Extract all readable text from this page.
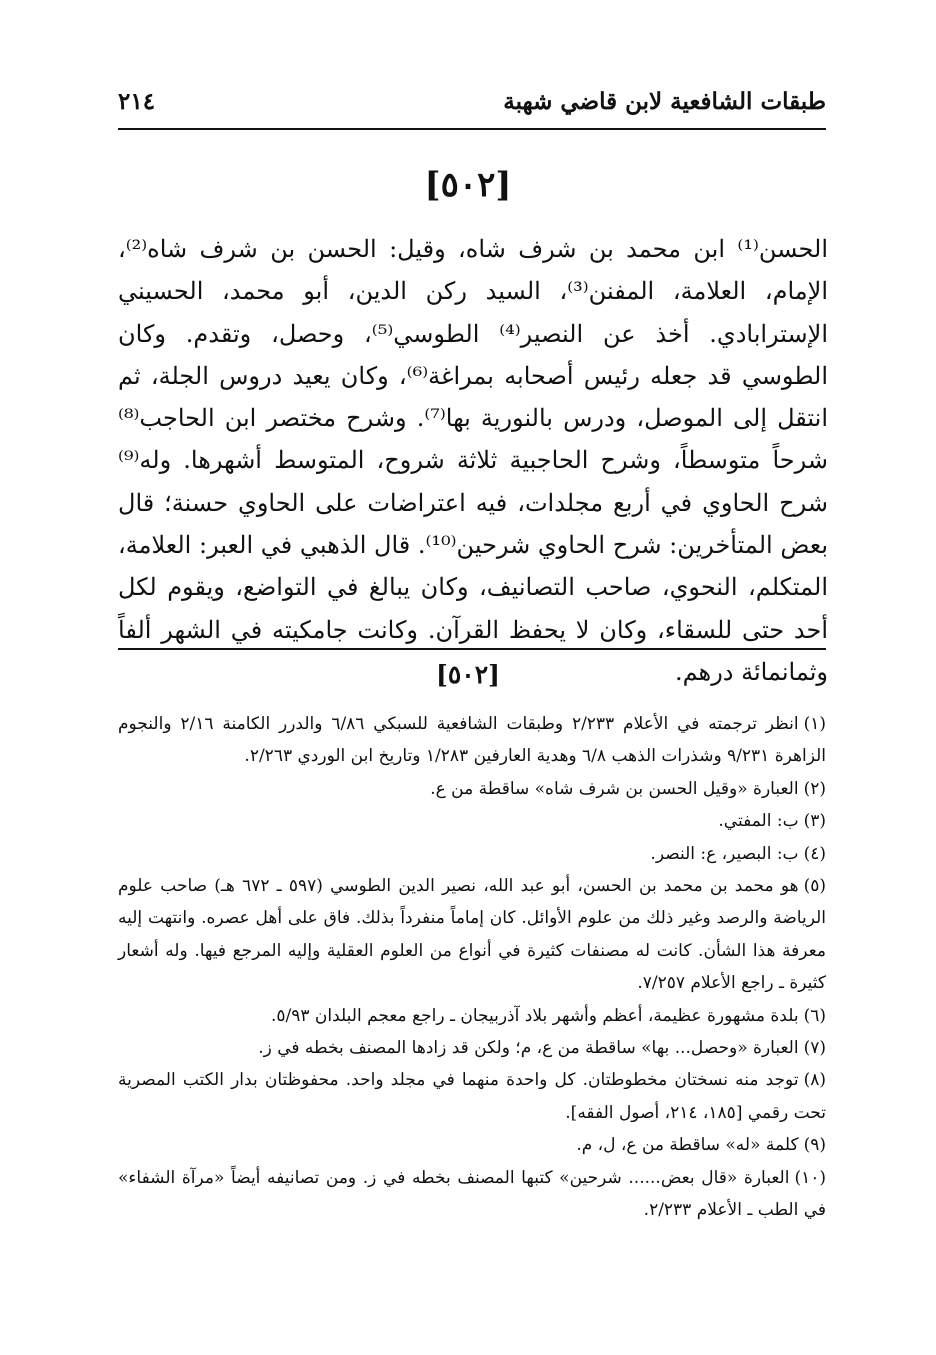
طبقات الشافعية لابن قاضي شهبة
٢١٤
[٥٠٢]

الحسن⁽¹⁾ ابن محمد بن شرف شاه، وقيل: الحسن بن شرف شاه⁽²⁾، الإمام، العلامة، المفنن⁽³⁾، السيد ركن الدين، أبو محمد، الحسيني الإسترابادي. أخذ عن النصير⁽⁴⁾ الطوسي⁽⁵⁾، وحصل، وتقدم. وكان الطوسي قد جعله رئيس أصحابه بمراغة⁽⁶⁾، وكان يعيد دروس الجلة، ثم انتقل إلى الموصل، ودرس بالنورية بها⁽⁷⁾. وشرح مختصر ابن الحاجب⁽⁸⁾ شرحاً متوسطاً، وشرح الحاجبية ثلاثة شروح، المتوسط أشهرها. وله⁽⁹⁾ شرح الحاوي في أربع مجلدات، فيه اعتراضات على الحاوي حسنة؛ قال بعض المتأخرين: شرح الحاوي شرحين⁽¹⁰⁾. قال الذهبي في العبر: العلامة، المتكلم، النحوي، صاحب التصانيف، وكان يبالغ في التواضع، ويقوم لكل أحد حتى للسقاء، وكان لا يحفظ القرآن. وكانت جامكيته في الشهر ألفاً وثمانمائة درهم.

[٥٠٢]

(١)انظر ترجمته في الأعلام ٢/٢٣٣ وطبقات الشافعية للسبكي ٦/٨٦ والدرر الكامنة ٢/١٦ والنجوم الزاهرة ٩/٢٣١ وشذرات الذهب ٦/٨ وهدية العارفين ١/٢٨٣ وتاريخ ابن الوردي ٢/٢٦٣.

(٢)العبارة «وقيل الحسن بن شرف شاه» ساقطة من ع.

(٣)ب: المفتي.

(٤)ب: البصير، ع: النصر.

(٥)هو محمد بن محمد بن الحسن، أبو عبد الله، نصير الدين الطوسي (٥٩٧ ـ ٦٧٢ هـ) صاحب علوم الرياضة والرصد وغير ذلك من علوم الأوائل. كان إماماً منفرداً بذلك. فاق على أهل عصره. وانتهت إليه معرفة هذا الشأن. كانت له مصنفات كثيرة في أنواع من العلوم العقلية وإليه المرجع فيها. وله أشعار كثيرة ـ راجع الأعلام ٧/٢٥٧.

(٦)بلدة مشهورة عظيمة، أعظم وأشهر بلاد آذربيجان ـ راجع معجم البلدان ٥/٩٣.

(٧)العبارة «وحصل... بها» ساقطة من ع، م؛ ولكن قد زادها المصنف بخطه في ز.

(٨)توجد منه نسختان مخطوطتان. كل واحدة منهما في مجلد واحد. محفوظتان بدار الكتب المصرية تحت رقمي [١٨٥، ٢١٤، أصول الفقه].

(٩)كلمة «له» ساقطة من ع، ل، م.

(١٠)العبارة «قال بعض...... شرحين» كتبها المصنف بخطه في ز. ومن تصانيفه أيضاً «مرآة الشفاء» في الطب ـ الأعلام ٢/٢٣٣.
